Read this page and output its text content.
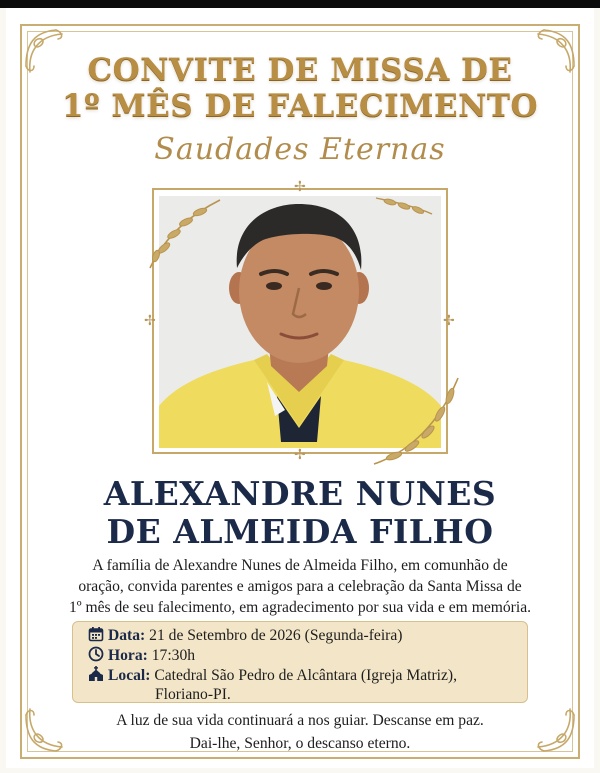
CONVITE DE MISSA DE
1º MÊS DE FALECIMENTO
Saudades Eternas
✢
✢
✢	✢
ALEXANDRE NUNES
DE ALMEIDA FILHO
A família de Alexandre Nunes de Almeida Filho, em comunhão de
oração, convida parentes e amigos para a celebração da Santa Missa de
1º mês de seu falecimento, em agradecimento por sua vida e em memória.
Data: 21 de Setembro de 2026 (Segunda-feira)
Hora: 17:30h
Local: Catedral São Pedro de Alcântara (Igreja Matriz),
Floriano-PI.
A luz de sua vida continuará a nos guiar. Descanse em paz.
Dai-lhe, Senhor, o descanso eterno.
